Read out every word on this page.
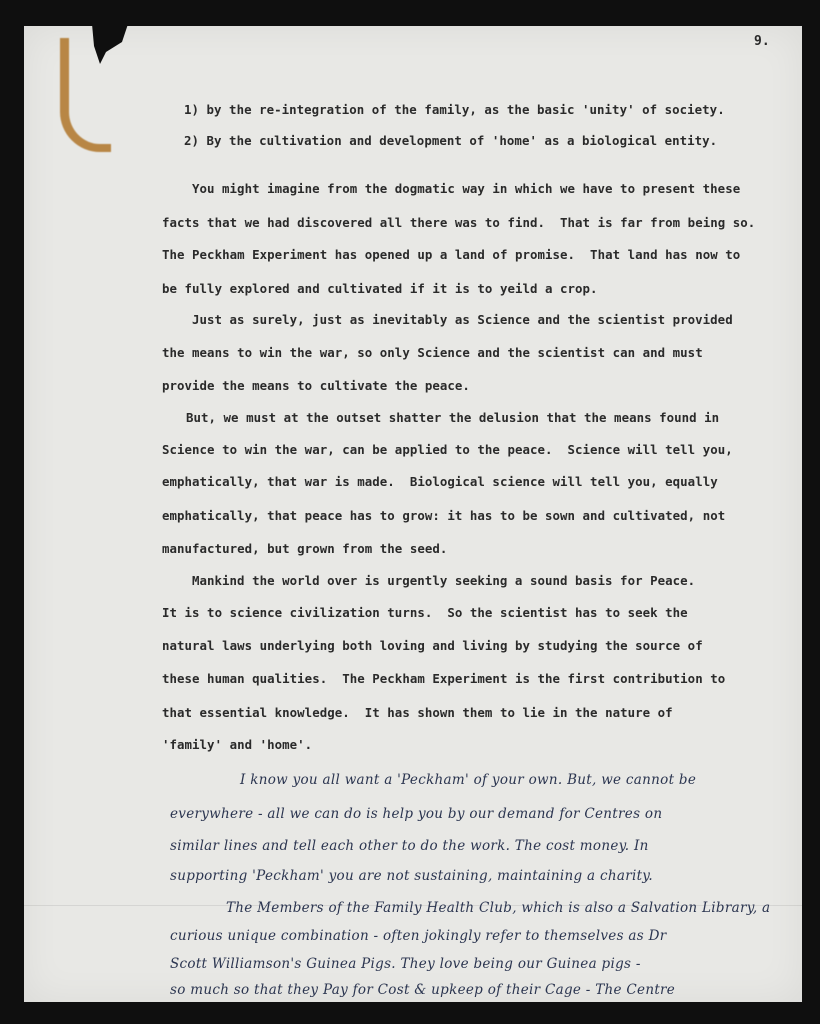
9.
1) by the re-integration of the family, as the basic 'unity' of society.
2) By the cultivation and development of 'home' as a biological entity.
You might imagine from the dogmatic way in which we have to present these
facts that we had discovered all there was to find.  That is far from being so.
The Peckham Experiment has opened up a land of promise.  That land has now to
be fully explored and cultivated if it is to yeild a crop.
Just as surely, just as inevitably as Science and the scientist provided
the means to win the war, so only Science and the scientist can and must
provide the means to cultivate the peace.
But, we must at the outset shatter the delusion that the means found in
Science to win the war, can be applied to the peace.  Science will tell you,
emphatically, that war is made.  Biological science will tell you, equally
emphatically, that peace has to grow: it has to be sown and cultivated, not
manufactured, but grown from the seed.
Mankind the world over is urgently seeking a sound basis for Peace.
It is to science civilization turns.  So the scientist has to seek the
natural laws underlying both loving and living by studying the source of
these human qualities.  The Peckham Experiment is the first contribution to
that essential knowledge.  It has shown them to lie in the nature of
'family' and 'home'.
I know you all want a 'Peckham' of your own. But, we cannot be
everywhere - all we can do is help you by our demand for Centres on
similar lines and tell each other to do the work. The cost money. In
supporting 'Peckham' you are not sustaining, maintaining a charity.
The Members of the Family Health Club, which is also a Salvation Library, a
curious unique combination - often jokingly refer to themselves as Dr
Scott Williamson's Guinea Pigs. They love being our Guinea pigs -
so much so that they Pay for Cost & upkeep of their Cage - The Centre
